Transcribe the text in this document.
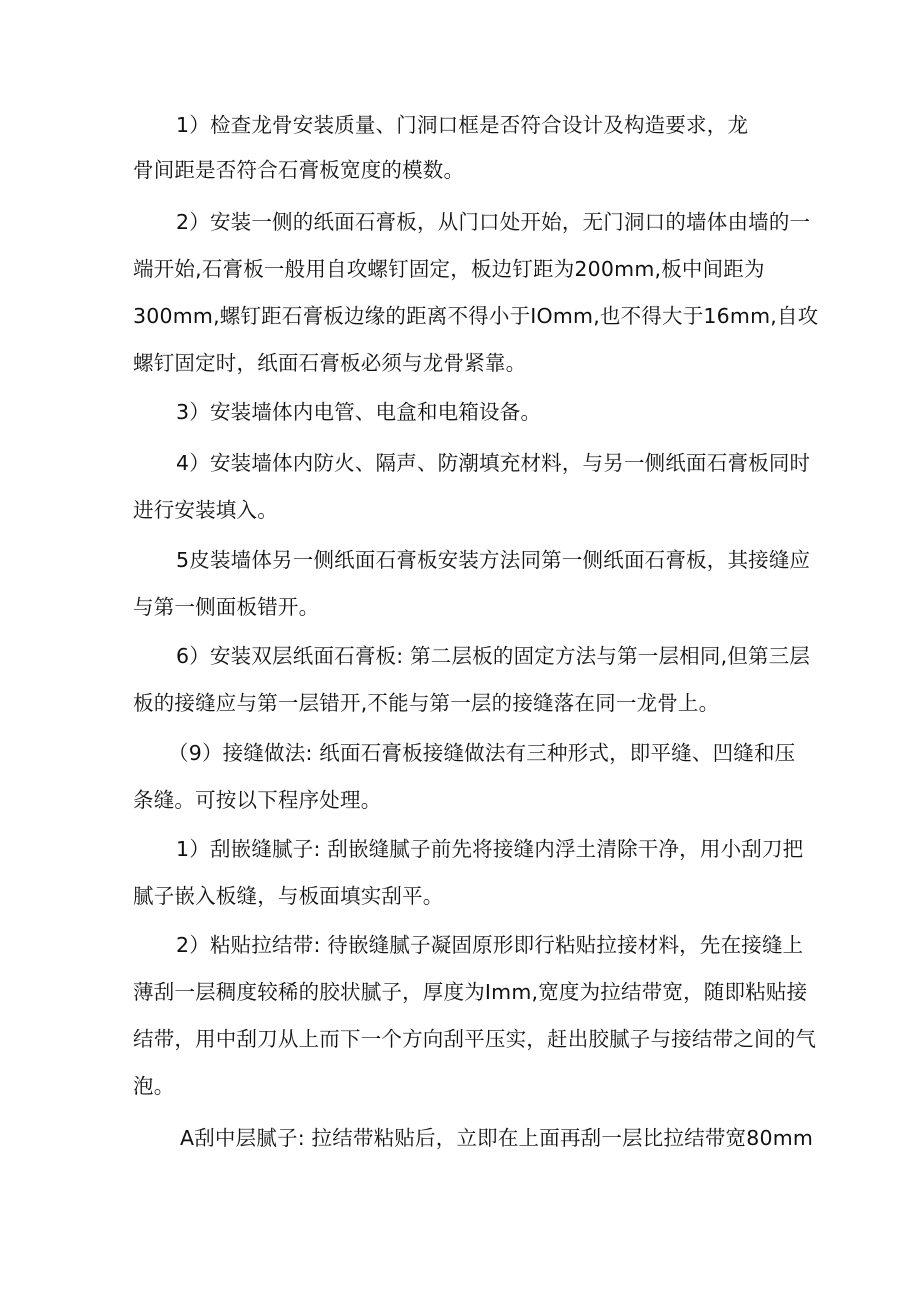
1）检查龙骨安装质量、门洞口框是否符合设计及构造要求，龙
骨间距是否符合石膏板宽度的模数。
2）安装一侧的纸面石膏板，从门口处开始，无门洞口的墙体由墙的一
端开始,石膏板一般用自攻螺钉固定，板边钉距为200mm,板中间距为
300mm,螺钉距石膏板边缘的距离不得小于IOmm,也不得大于16mm,自攻
螺钉固定时，纸面石膏板必须与龙骨紧靠。
3）安装墙体内电管、电盒和电箱设备。
4）安装墙体内防火、隔声、防潮填充材料，与另一侧纸面石膏板同时
进行安装填入。
5皮装墙体另一侧纸面石膏板安装方法同第一侧纸面石膏板，其接缝应
与第一侧面板错开。
6）安装双层纸面石膏板: 第二层板的固定方法与第一层相同,但第三层
板的接缝应与第一层错开,不能与第一层的接缝落在同一龙骨上。
（9）接缝做法: 纸面石膏板接缝做法有三种形式，即平缝、凹缝和压
条缝。可按以下程序处理。
1）刮嵌缝腻子: 刮嵌缝腻子前先将接缝内浮土清除干净，用小刮刀把
腻子嵌入板缝，与板面填实刮平。
2）粘贴拉结带: 待嵌缝腻子凝固原形即行粘贴拉接材料，先在接缝上
薄刮一层稠度较稀的胶状腻子，厚度为Imm,宽度为拉结带宽，随即粘贴接
结带，用中刮刀从上而下一个方向刮平压实，赶出胶腻子与接结带之间的气
泡。
A刮中层腻子: 拉结带粘贴后，立即在上面再刮一层比拉结带宽80mm
